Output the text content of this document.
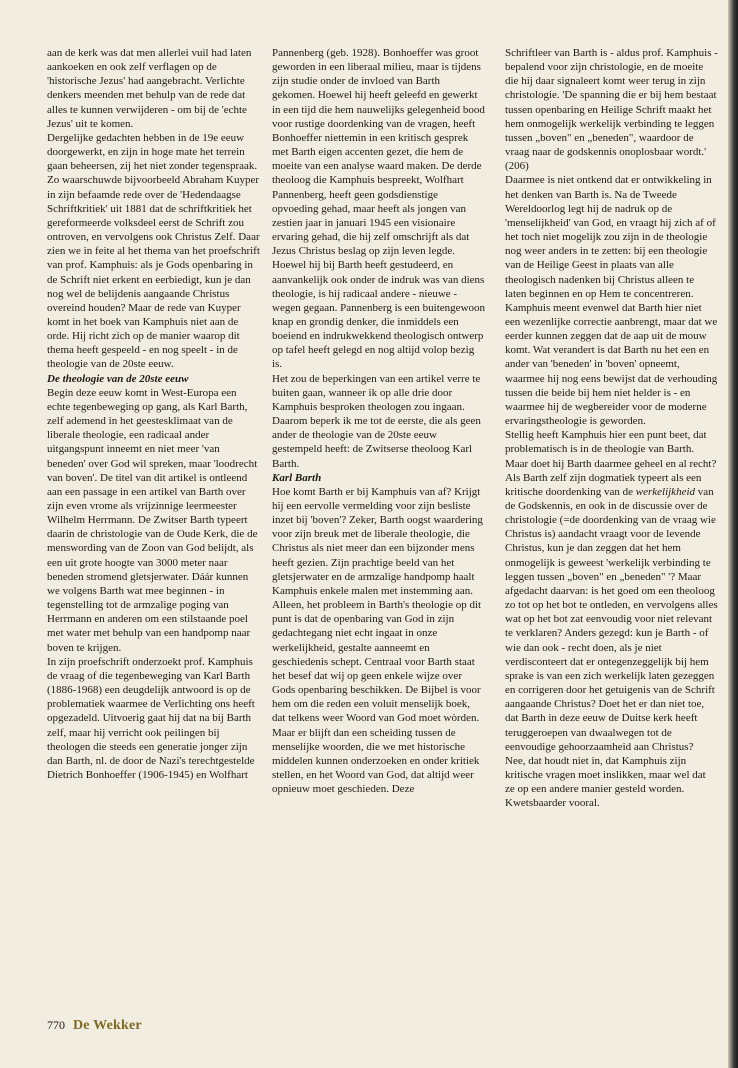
aan de kerk was dat men allerlei vuil had laten aankoeken en ook zelf verflagen op de 'historische Jezus' had aangebracht. Verlichte denkers meenden met behulp van de rede dat alles te kunnen verwijderen - om bij de 'echte Jezus' uit te komen.

Dergelijke gedachten hebben in de 19e eeuw doorgewerkt, en zijn in hoge mate het terrein gaan beheersen, zij het niet zonder tegenspraak. Zo waarschuwde bijvoorbeeld Abraham Kuyper in zijn befaamde rede over de 'Hedendaagse Schriftkritiek' uit 1881 dat de schriftkritiek het gereformeerde volksdeel eerst de Schrift zou ontroven, en vervolgens ook Christus Zelf. Daar zien we in feite al het thema van het proefschrift van prof. Kamphuis: als je Gods openbaring in de Schrift niet erkent en eerbiedigt, kun je dan nog wel de belijdenis aangaande Christus overeind houden? Maar de rede van Kuyper komt in het boek van Kamphuis niet aan de orde. Hij richt zich op de manier waarop dit thema heeft gespeeld - en nog speelt - in de theologie van de 20ste eeuw.

De theologie van de 20ste eeuw

Begin deze eeuw komt in West-Europa een echte tegenbeweging op gang, als Karl Barth, zelf ademend in het geestesklimaat van de liberale theologie, een radicaal ander uitgangspunt inneemt en niet meer 'van beneden' over God wil spreken, maar 'loodrecht van boven'. De titel van dit artikel is ontleend aan een passage in een artikel van Barth over zijn even vrome als vrijzinnige leermeester Wilhelm Herrmann. De Zwitser Barth typeert daarin de christologie van de Oude Kerk, die de menswording van de Zoon van God belijdt, als een uit grote hoogte van 3000 meter naar beneden stromend gletsjerwater. Dáár kunnen we volgens Barth wat mee beginnen - in tegenstelling tot de armzalige poging van Herrmann en anderen om een stilstaande poel met water met behulp van een handpomp naar boven te krijgen.

In zijn proefschrift onderzoekt prof. Kamphuis de vraag of die tegenbeweging van Karl Barth (1886-1968) een deugdelijk antwoord is op de problematiek waarmee de Verlichting ons heeft opgezadeld. Uitvoerig gaat hij dat na bij Barth zelf, maar hij verricht ook peilingen bij theologen die steeds een generatie jonger zijn dan Barth, nl. de door de Nazi's terechtgestelde Dietrich Bonhoeffer (1906-1945) en Wolfhart

Pannenberg (geb. 1928). Bonhoeffer was groot geworden in een liberaal milieu, maar is tijdens zijn studie onder de invloed van Barth gekomen. Hoewel hij heeft geleefd en gewerkt in een tijd die hem nauwelijks gelegenheid bood voor rustige doordenking van de vragen, heeft Bonhoeffer niettemin in een kritisch gesprek met Barth eigen accenten gezet, die hem de moeite van een analyse waard maken. De derde theoloog die Kamphuis bespreekt, Wolfhart Pannenberg, heeft geen godsdienstige opvoeding gehad, maar heeft als jongen van zestien jaar in januari 1945 een visionaire ervaring gehad, die hij zelf omschrijft als dat Jezus Christus beslag op zijn leven legde. Hoewel hij bij Barth heeft gestudeerd, en aanvankelijk ook onder de indruk was van diens theologie, is hij radicaal andere - nieuwe - wegen gegaan. Pannenberg is een buitengewoon knap en grondig denker, die inmiddels een boeiend en indrukwekkend theologisch ontwerp op tafel heeft gelegd en nog altijd volop bezig is.

Het zou de beperkingen van een artikel verre te buiten gaan, wanneer ik op alle drie door Kamphuis besproken theologen zou ingaan. Daarom beperk ik me tot de eerste, die als geen ander de theologie van de 20ste eeuw gestempeld heeft: de Zwitserse theoloog Karl Barth.

Karl Barth

Hoe komt Barth er bij Kamphuis van af? Krijgt hij een eervolle vermelding voor zijn besliste inzet bij 'boven'? Zeker, Barth oogst waardering voor zijn breuk met de liberale theologie, die Christus als niet meer dan een bijzonder mens heeft gezien. Zijn prachtige beeld van het gletsjerwater en de armzalige handpomp haalt Kamphuis enkele malen met instemming aan. Alleen, het probleem in Barth's theologie op dit punt is dat de openbaring van God in zijn gedachtegang niet echt ingaat in onze werkelijkheid, gestalte aanneemt en geschiedenis schept. Centraal voor Barth staat het besef dat wij op geen enkele wijze over Gods openbaring beschikken. De Bijbel is voor hem om die reden een voluit menselijk boek, dat telkens weer Woord van God moet wòrden. Maar er blijft dan een scheiding tussen de menselijke woorden, die we met historische middelen kunnen onderzoeken en onder kritiek stellen, en het Woord van God, dat altijd weer opnieuw moet geschieden. Deze

Schriftleer van Barth is - aldus prof. Kamphuis - bepalend voor zijn christologie, en de moeite die hij daar signaleert komt weer terug in zijn christologie. 'De spanning die er bij hem bestaat tussen openbaring en Heilige Schrift maakt het hem onmogelijk werkelijk verbinding te leggen tussen „boven" en „beneden", waardoor de vraag naar de godskennis onoplosbaar wordt.' (206)

Daarmee is niet ontkend dat er ontwikkeling in het denken van Barth is. Na de Tweede Wereldoorlog legt hij de nadruk op de 'menselijkheid' van God, en vraagt hij zich af of het toch niet mogelijk zou zijn in de theologie nog weer anders in te zetten: bij een theologie van de Heilige Geest in plaats van alle theologisch nadenken bij Christus alleen te laten beginnen en op Hem te concentreren. Kamphuis meent evenwel dat Barth hier niet een wezenlijke correctie aanbrengt, maar dat we eerder kunnen zeggen dat de aap uit de mouw komt. Wat verandert is dat Barth nu het een en ander van 'beneden' in 'boven' opneemt, waarmee hij nog eens bewijst dat de verhouding tussen die beide bij hem niet helder is - en waarmee hij de wegbereider voor de moderne ervaringstheologie is geworden.

Stellig heeft Kamphuis hier een punt beet, dat problematisch is in de theologie van Barth. Maar doet hij Barth daarmee geheel en al recht? Als Barth zelf zijn dogmatiek typeert als een kritische doordenking van de werkelijkheid van de Godskennis, en ook in de discussie over de christologie (=de doordenking van de vraag wie Christus is) aandacht vraagt voor de levende Christus, kun je dan zeggen dat het hem onmogelijk is geweest 'werkelijk verbinding te leggen tussen „boven" en „beneden" '? Maar afgedacht daarvan: is het goed om een theoloog zo tot op het bot te ontleden, en vervolgens alles wat op het bot zat eenvoudig voor niet relevant te verklaren? Anders gezegd: kun je Barth - of wie dan ook - recht doen, als je niet verdisconteert dat er ontegenzeggelijk bij hem sprake is van een zich werkelijk laten gezeggen en corrigeren door het getuigenis van de Schrift aangaande Christus? Doet het er dan niet toe, dat Barth in deze eeuw de Duitse kerk heeft teruggeroepen van dwaalwegen tot de eenvoudige gehoorzaamheid aan Christus?

Nee, dat houdt niet in, dat Kamphuis zijn kritische vragen moet inslikken, maar wel dat ze op een andere manier gesteld worden. Kwetsbaarder vooral.

770 De Wekker
